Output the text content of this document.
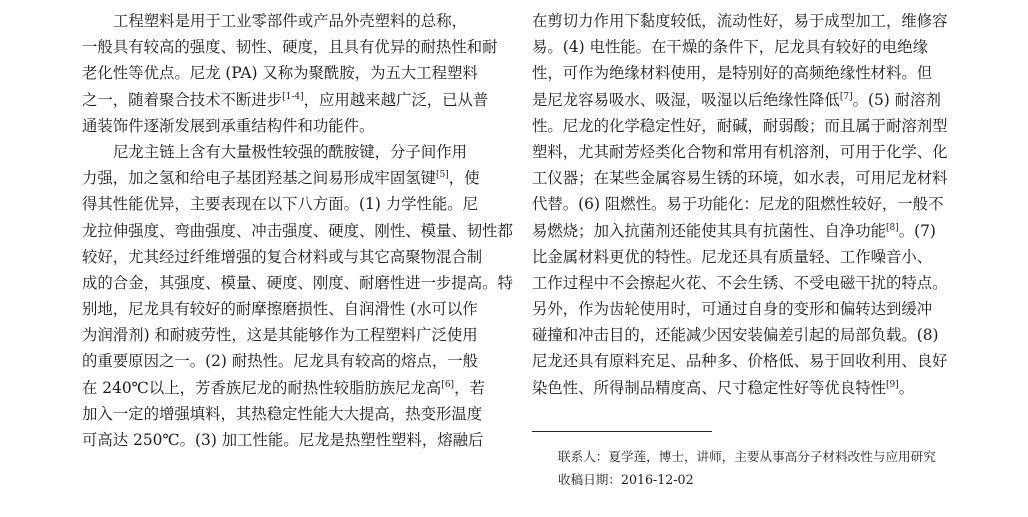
工程塑料是用于工业零部件或产品外壳塑料的总称，
一般具有较高的强度、韧性、硬度，且具有优异的耐热性和耐
老化性等优点。尼龙 (PA) 又称为聚酰胺，为五大工程塑料
之一，随着聚合技术不断进步[1-4]，应用越来越广泛，已从普
通装饰件逐渐发展到承重结构件和功能件。
尼龙主链上含有大量极性较强的酰胺键，分子间作用
力强，加之氢和给电子基团羟基之间易形成牢固氢键[5]，使
得其性能优异，主要表现在以下八方面。(1) 力学性能。尼
龙拉伸强度、弯曲强度、冲击强度、硬度、刚性、模量、韧性都
较好，尤其经过纤维增强的复合材料或与其它高聚物混合制
成的合金，其强度、模量、硬度、刚度、耐磨性进一步提高。特
别地，尼龙具有较好的耐摩擦磨损性、自润滑性 (水可以作
为润滑剂) 和耐疲劳性，这是其能够作为工程塑料广泛使用
的重要原因之一。(2) 耐热性。尼龙具有较高的熔点，一般
在 240℃以上，芳香族尼龙的耐热性较脂肪族尼龙高[6]，若
加入一定的增强填料，其热稳定性能大大提高，热变形温度
可高达 250℃。(3) 加工性能。尼龙是热塑性塑料，熔融后
在剪切力作用下黏度较低，流动性好，易于成型加工，维修容
易。(4) 电性能。在干燥的条件下，尼龙具有较好的电绝缘
性，可作为绝缘材料使用，是特别好的高频绝缘性材料。但
是尼龙容易吸水、吸湿，吸湿以后绝缘性降低[7]。(5) 耐溶剂
性。尼龙的化学稳定性好，耐碱，耐弱酸；而且属于耐溶剂型
塑料，尤其耐芳烃类化合物和常用有机溶剂，可用于化学、化
工仪器；在某些金属容易生锈的环境，如水表，可用尼龙材料
代替。(6) 阻燃性。易于功能化：尼龙的阻燃性较好，一般不
易燃烧；加入抗菌剂还能使其具有抗菌性、自净功能[8]。(7)
比金属材料更优的特性。尼龙还具有质量轻、工作噪音小、
工作过程中不会擦起火花、不会生锈、不受电磁干扰的特点。
另外，作为齿轮使用时，可通过自身的变形和偏转达到缓冲
碰撞和冲击目的，还能减少因安装偏差引起的局部负载。(8)
尼龙还具有原料充足、品种多、价格低、易于回收利用、良好
染色性、所得制品精度高、尺寸稳定性好等优良特性[9]。
联系人：夏学莲，博士，讲师，主要从事高分子材料改性与应用研究
收稿日期：2016-12-02
